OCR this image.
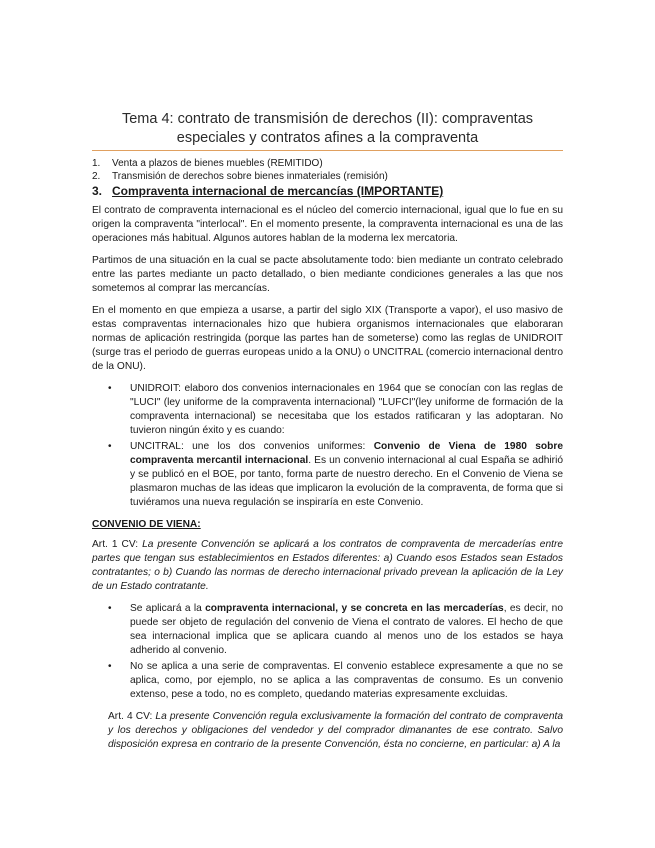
Tema 4: contrato de transmisión de derechos (II): compraventas especiales y contratos afines a la compraventa
1. Venta a plazos de bienes muebles (REMITIDO)
2. Transmisión de derechos sobre bienes inmateriales (remisión)
3. Compraventa internacional de mercancías (IMPORTANTE)

El contrato de compraventa internacional es el núcleo del comercio internacional, igual que lo fue en su origen la compraventa "interlocal". En el momento presente, la compraventa internacional es una de las operaciones más habitual. Algunos autores hablan de la moderna lex mercatoria.

Partimos de una situación en la cual se pacte absolutamente todo: bien mediante un contrato celebrado entre las partes mediante un pacto detallado, o bien mediante condiciones generales a las que nos sometemos al comprar las mercancías.

En el momento en que empieza a usarse, a partir del siglo XIX (Transporte a vapor), el uso masivo de estas compraventas internacionales hizo que hubiera organismos internacionales que elaboraran normas de aplicación restringida (porque las partes han de someterse) como las reglas de UNIDROIT (surge tras el periodo de guerras europeas unido a la ONU) o UNCITRAL (comercio internacional dentro de la ONU).

• UNIDROIT: elaboro dos convenios internacionales en 1964 que se conocían con las reglas de "LUCI" (ley uniforme de la compraventa internacional) "LUFCI"(ley uniforme de formación de la compraventa internacional) se necesitaba que los estados ratificaran y las adoptaran. No tuvieron ningún éxito y es cuando:
• UNCITRAL: une los dos convenios uniformes: Convenio de Viena de 1980 sobre compraventa mercantil internacional. Es un convenio internacional al cual España se adhirió y se publicó en el BOE, por tanto, forma parte de nuestro derecho. En el Convenio de Viena se plasmaron muchas de las ideas que implicaron la evolución de la compraventa, de forma que si tuviéramos una nueva regulación se inspiraría en este Convenio.
CONVENIO DE VIENA:

Art. 1 CV: La presente Convención se aplicará a los contratos de compraventa de mercaderías entre partes que tengan sus establecimientos en Estados diferentes: a) Cuando esos Estados sean Estados contratantes; o b) Cuando las normas de derecho internacional privado prevean la aplicación de la Ley de un Estado contratante.

• Se aplicará a la compraventa internacional, y se concreta en las mercaderías, es decir, no puede ser objeto de regulación del convenio de Viena el contrato de valores. El hecho de que sea internacional implica que se aplicara cuando al menos uno de los estados se haya adherido al convenio.
• No se aplica a una serie de compraventas. El convenio establece expresamente a que no se aplica, como, por ejemplo, no se aplica a las compraventas de consumo. Es un convenio extenso, pese a todo, no es completo, quedando materias expresamente excluidas.

Art. 4 CV: La presente Convención regula exclusivamente la formación del contrato de compraventa y los derechos y obligaciones del vendedor y del comprador dimanantes de ese contrato. Salvo disposición expresa en contrario de la presente Convención, ésta no concierne, en particular: a) A la
